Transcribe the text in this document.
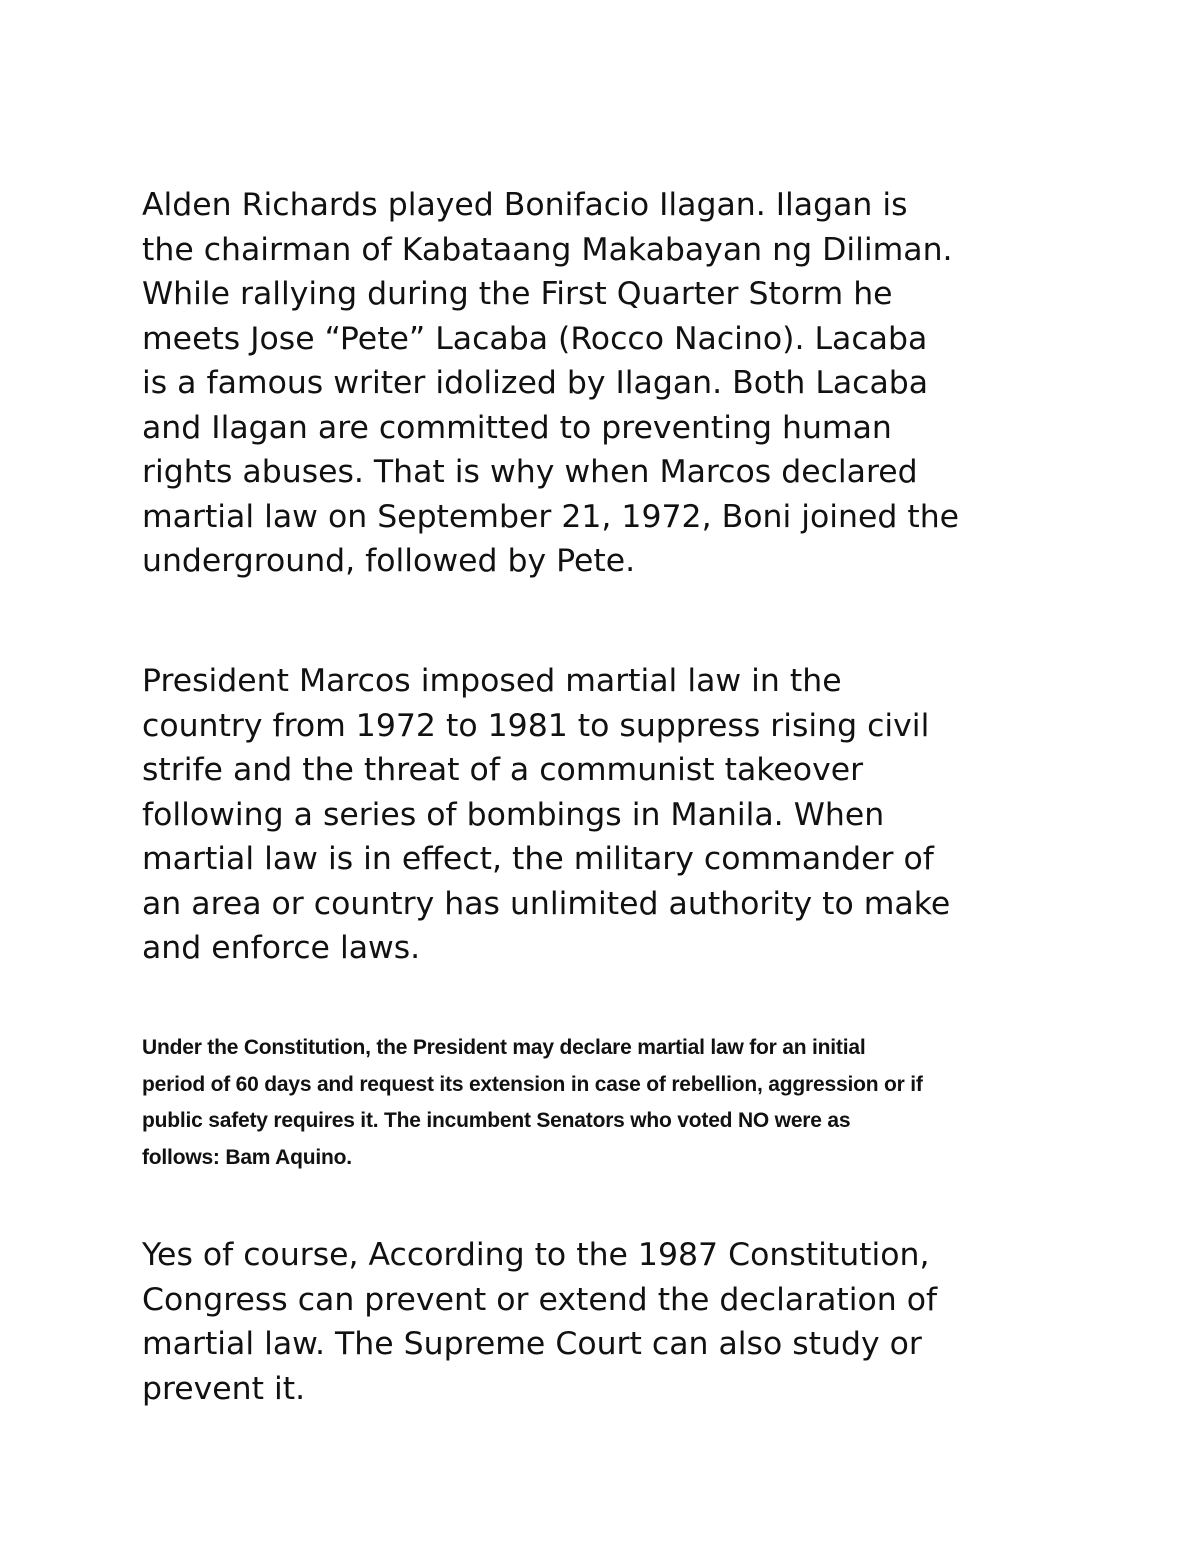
Alden Richards played Bonifacio Ilagan. Ilagan is
the chairman of Kabataang Makabayan ng Diliman.
While rallying during the First Quarter Storm he
meets Jose “Pete” Lacaba (Rocco Nacino). Lacaba
is a famous writer idolized by Ilagan. Both Lacaba
and Ilagan are committed to preventing human
rights abuses. That is why when Marcos declared
martial law on September 21, 1972, Boni joined the
underground, followed by Pete.

President Marcos imposed martial law in the
country from 1972 to 1981 to suppress rising civil
strife and the threat of a communist takeover
following a series of bombings in Manila. When
martial law is in effect, the military commander of
an area or country has unlimited authority to make
and enforce laws.

Under the Constitution, the President may declare martial law for an initial
period of 60 days and request its extension in case of rebellion, aggression or if
public safety requires it. The incumbent Senators who voted NO were as
follows: Bam Aquino.

Yes of course, According to the 1987 Constitution,
Congress can prevent or extend the declaration of
martial law. The Supreme Court can also study or
prevent it.
